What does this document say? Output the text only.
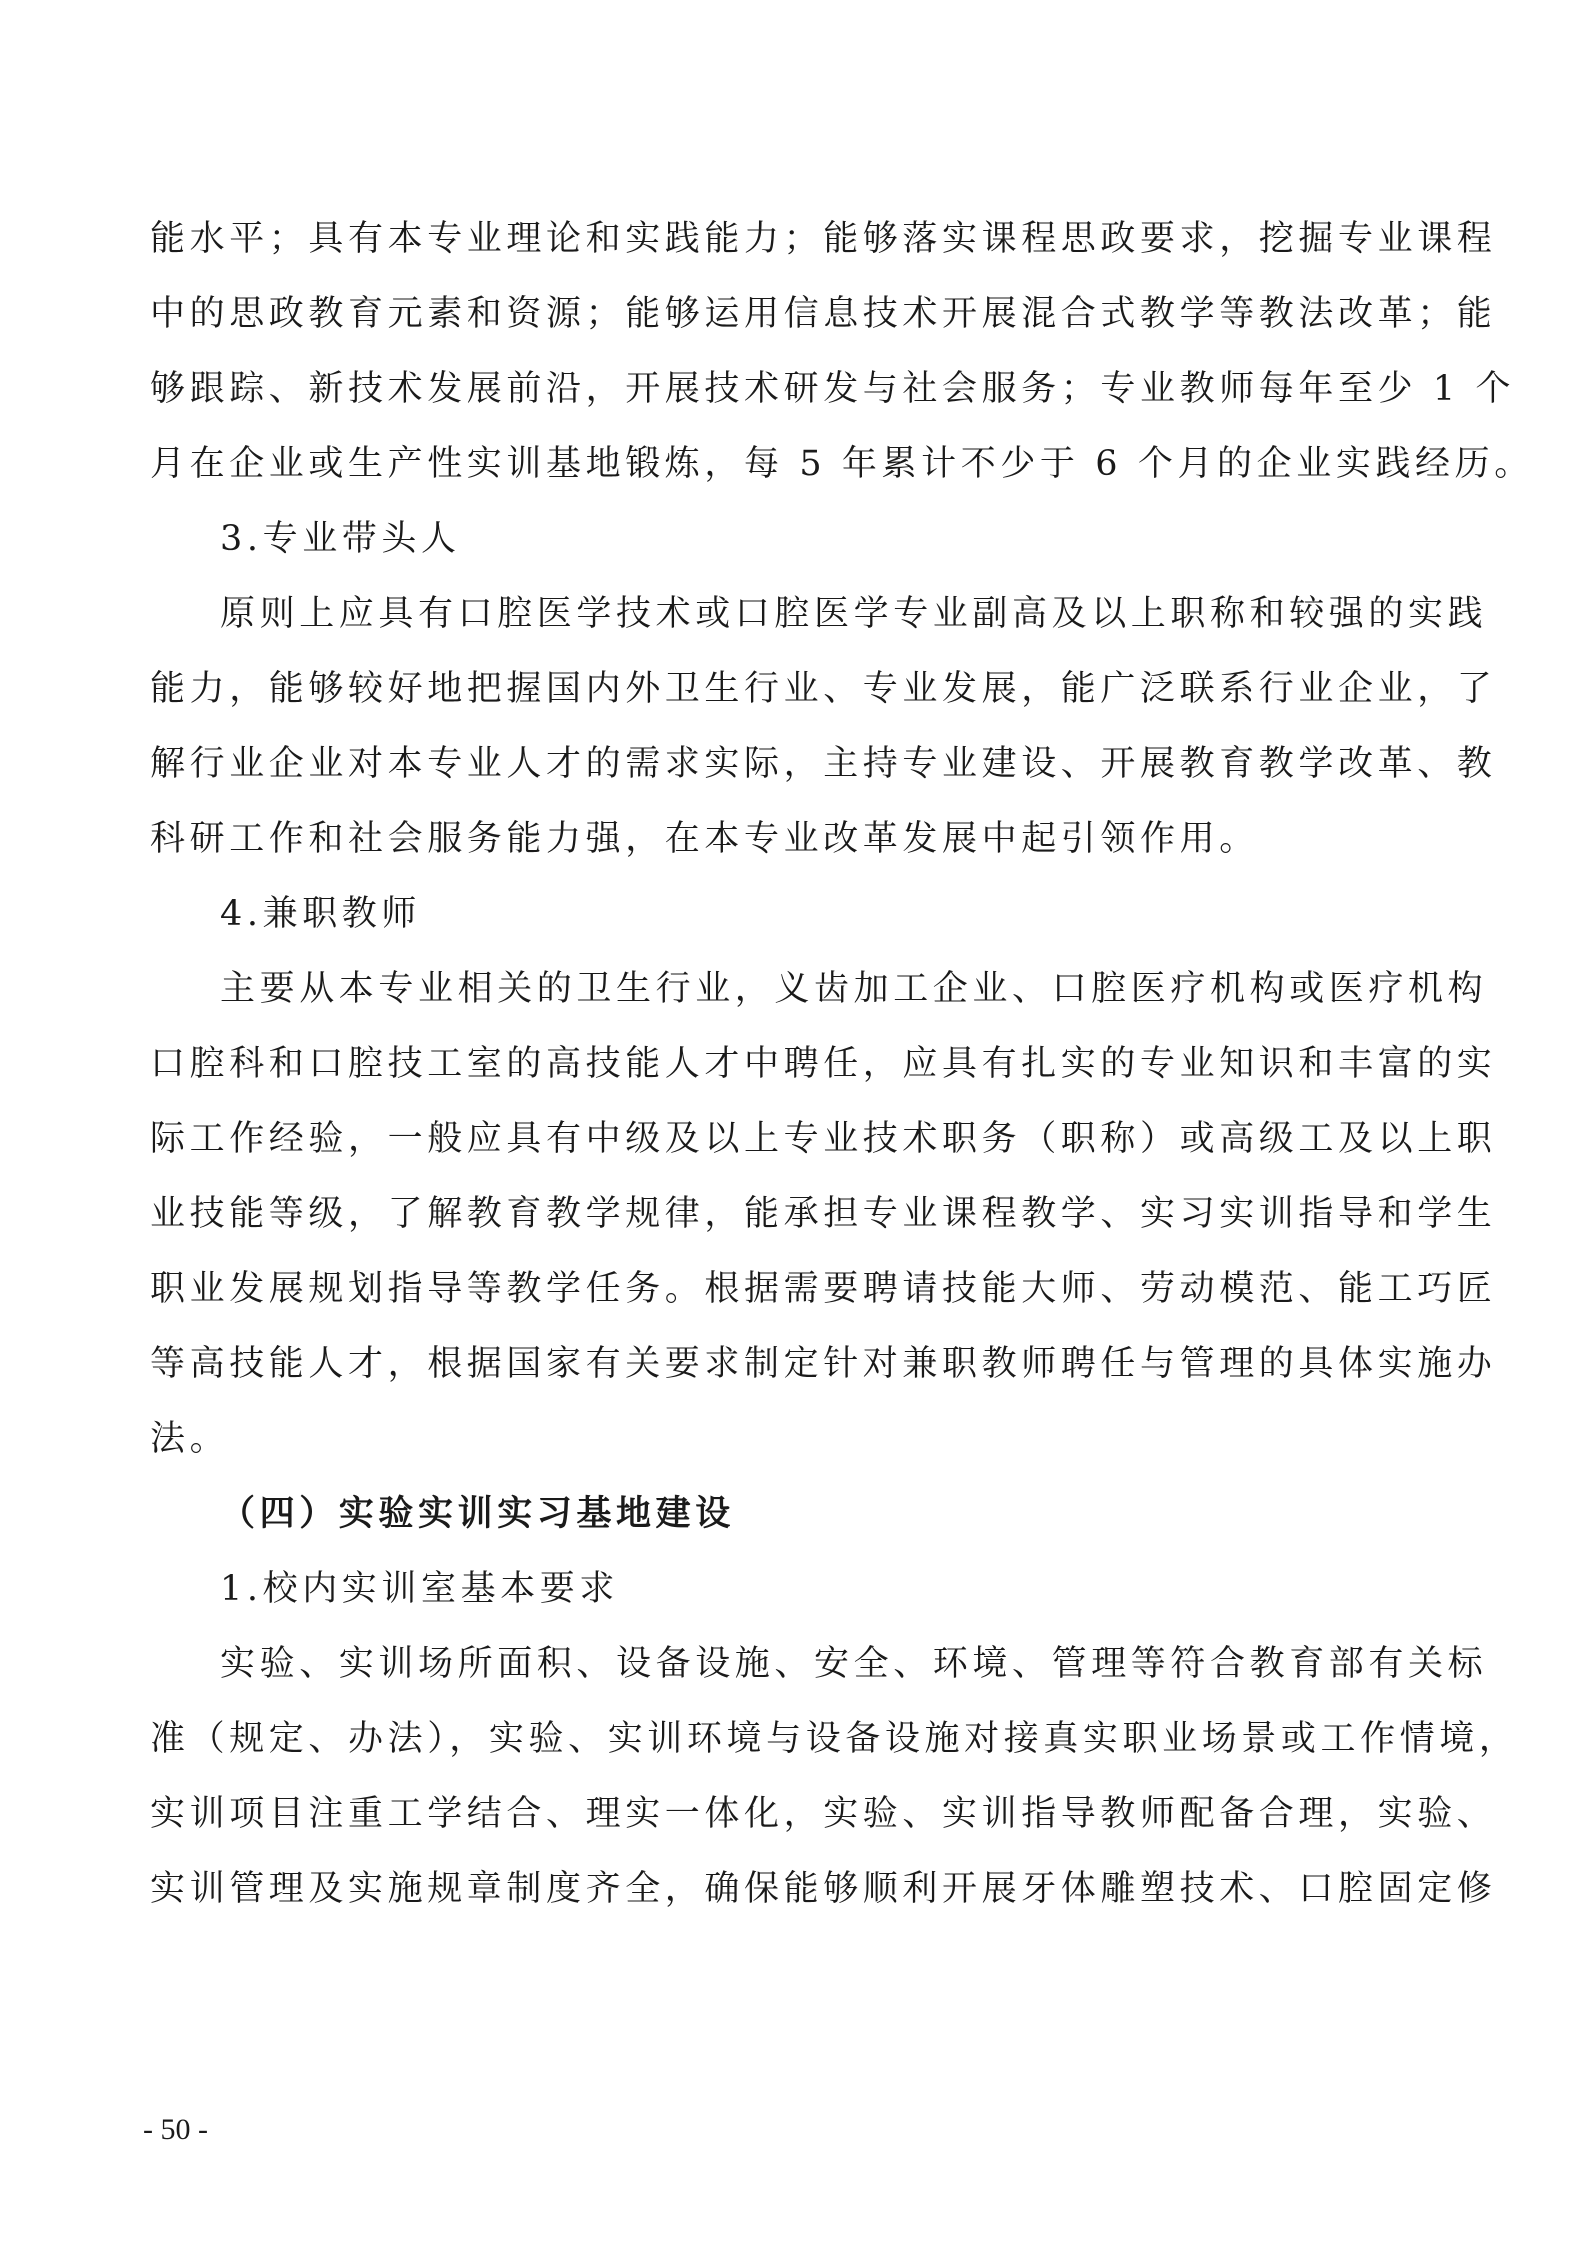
能水平；具有本专业理论和实践能力；能够落实课程思政要求，挖掘专业课程
中的思政教育元素和资源；能够运用信息技术开展混合式教学等教法改革；能
够跟踪、新技术发展前沿，开展技术研发与社会服务；专业教师每年至少 1 个
月在企业或生产性实训基地锻炼，每 5 年累计不少于 6 个月的企业实践经历。
3.专业带头人
原则上应具有口腔医学技术或口腔医学专业副高及以上职称和较强的实践
能力，能够较好地把握国内外卫生行业、专业发展，能广泛联系行业企业，了
解行业企业对本专业人才的需求实际，主持专业建设、开展教育教学改革、教
科研工作和社会服务能力强，在本专业改革发展中起引领作用。
4.兼职教师
主要从本专业相关的卫生行业，义齿加工企业、口腔医疗机构或医疗机构
口腔科和口腔技工室的高技能人才中聘任，应具有扎实的专业知识和丰富的实
际工作经验，一般应具有中级及以上专业技术职务（职称）或高级工及以上职
业技能等级，了解教育教学规律，能承担专业课程教学、实习实训指导和学生
职业发展规划指导等教学任务。根据需要聘请技能大师、劳动模范、能工巧匠
等高技能人才，根据国家有关要求制定针对兼职教师聘任与管理的具体实施办
法。
（四）实验实训实习基地建设
1.校内实训室基本要求
实验、实训场所面积、设备设施、安全、环境、管理等符合教育部有关标
准（规定、办法），实验、实训环境与设备设施对接真实职业场景或工作情境，
实训项目注重工学结合、理实一体化，实验、实训指导教师配备合理，实验、
实训管理及实施规章制度齐全，确保能够顺利开展牙体雕塑技术、口腔固定修
- 50 -
